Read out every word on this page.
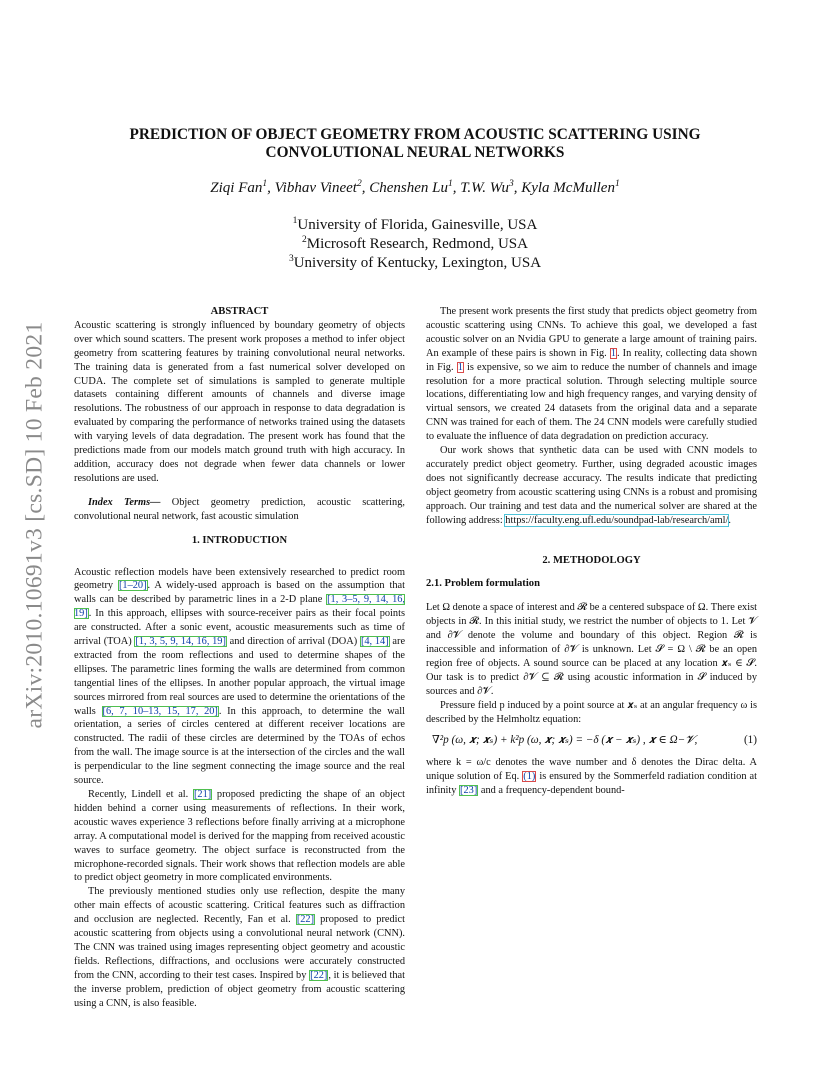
arXiv:2010.10691v3 [cs.SD] 10 Feb 2021
PREDICTION OF OBJECT GEOMETRY FROM ACOUSTIC SCATTERING USING CONVOLUTIONAL NEURAL NETWORKS
Ziqi Fan$^1$, Vibhav Vineet$^2$, Chenshen Lu$^1$, T.W. Wu$^3$, Kyla McMullen$^1$
$^1$University of Florida, Gainesville, USA
$^2$Microsoft Research, Redmond, USA
$^3$University of Kentucky, Lexington, USA

ABSTRACT

Acoustic scattering is strongly influenced by boundary geometry of objects over which sound scatters. The present work proposes a method to infer object geometry from scattering features by training convolutional neural networks. The training data is generated from a fast numerical solver developed on CUDA. The complete set of simulations is sampled to generate multiple datasets containing different amounts of channels and diverse image resolutions. The robustness of our approach in response to data degradation is evaluated by comparing the performance of networks trained using the datasets with varying levels of data degradation. The present work has found that the predictions made from our models match ground truth with high accuracy. In addition, accuracy does not degrade when fewer data channels or lower resolutions are used.

Index Terms— Object geometry prediction, acoustic scattering, convolutional neural network, fast acoustic simulation

1. INTRODUCTION

Acoustic reflection models have been extensively researched to predict room geometry [1–20]. A widely-used approach is based on the assumption that walls can be described by parametric lines in a 2-D plane [1, 3–5, 9, 14, 16, 19]. In this approach, ellipses with source-receiver pairs as their focal points are constructed. After a sonic event, acoustic measurements such as time of arrival (TOA) [1, 3, 5, 9, 14, 16, 19] and direction of arrival (DOA) [4, 14] are extracted from the room reflections and used to determine shapes of the ellipses. The parametric lines forming the walls are determined from common tangential lines of the ellipses. In another popular approach, the virtual image sources mirrored from real sources are used to determine the orientations of the walls [6, 7, 10–13, 15, 17, 20]. In this approach, to determine the wall orientation, a series of circles centered at different receiver locations are constructed. The radii of these circles are determined by the TOAs of echos from the wall. The image source is at the intersection of the circles and the wall is perpendicular to the line segment connecting the image source and the real source.

Recently, Lindell et al. [21] proposed predicting the shape of an object hidden behind a corner using measurements of reflections. In their work, acoustic waves experience 3 reflections before finally arriving at a microphone array. A computational model is derived for the mapping from received acoustic waves to surface geometry. The object surface is reconstructed from the microphone-recorded signals. Their work shows that reflection models are able to predict object geometry in more complicated environments.

The previously mentioned studies only use reflection, despite the many other main effects of acoustic scattering. Critical features such as diffraction and occlusion are neglected. Recently, Fan et al. [22] proposed to predict acoustic scattering from objects using a convolutional neural network (CNN). The CNN was trained using images representing object geometry and acoustic fields. Reflections, diffractions, and occlusions were accurately constructed from the CNN, according to their test cases. Inspired by [22], it is believed that the inverse problem, prediction of object geometry from acoustic scattering using a CNN, is also feasible.

The present work presents the first study that predicts object geometry from acoustic scattering using CNNs. To achieve this goal, we developed a fast acoustic solver on an Nvidia GPU to generate a large amount of training pairs. An example of these pairs is shown in Fig. 1. In reality, collecting data shown in Fig. 1 is expensive, so we aim to reduce the number of channels and image resolution for a more practical solution. Through selecting multiple source locations, differentiating low and high frequency ranges, and varying density of virtual sensors, we created 24 datasets from the original data and a separate CNN was trained for each of them. The 24 CNN models were carefully studied to evaluate the influence of data degradation on prediction accuracy.

Our work shows that synthetic data can be used with CNN models to accurately predict object geometry. Further, using degraded acoustic images does not significantly decrease accuracy. The results indicate that predicting object geometry from acoustic scattering using CNNs is a robust and promising approach. Our training and test data and the numerical solver are shared at the following address: https://faculty.eng.ufl.edu/soundpad-lab/research/aml/.

2. METHODOLOGY

2.1. Problem formulation

Let Ω denote a space of interest and 𝓡 be a centered subspace of Ω. There exist objects in 𝓡. In this initial study, we restrict the number of objects to 1. Let 𝓥 and ∂𝓥 denote the volume and boundary of this object. Region 𝓡 is inaccessible and information of ∂𝓥 is unknown. Let 𝓢 = Ω \ 𝓡 be an open region free of objects. A sound source can be placed at any location 𝒙ₛ ∈ 𝓢. Our task is to predict ∂𝓥 ⊆ 𝓡 using acoustic information in 𝓢 induced by sources and ∂𝓥.

Pressure field p induced by a point source at 𝒙ₛ at an angular frequency ω is described by the Helmholtz equation:

∇²p (ω, 𝒙; 𝒙ₛ) + k²p (ω, 𝒙; 𝒙ₛ) = −δ (𝒙 − 𝒙ₛ) , 𝒙 ∈ Ω−𝓥,	(1)

where k = ω/c denotes the wave number and δ denotes the Dirac delta. A unique solution of Eq. (1) is ensured by the Sommerfeld radiation condition at infinity [23] and a frequency-dependent bound-
